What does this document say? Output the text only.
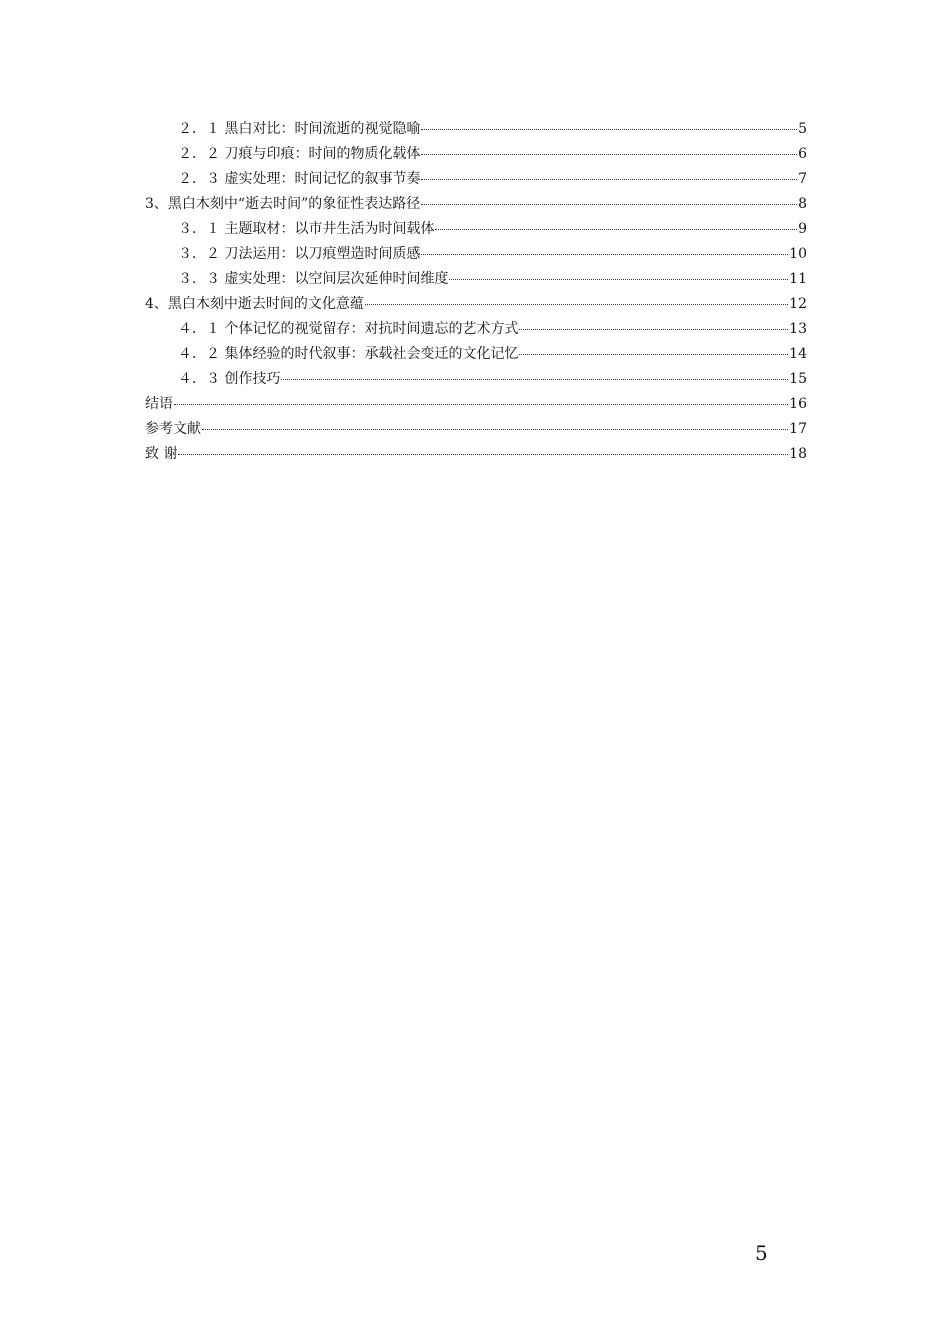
２．１ 黑白对比：时间流逝的视觉隐喻	5
２．２ 刀痕与印痕：时间的物质化载体	6
２．３ 虚实处理：时间记忆的叙事节奏	7
3、黑白木刻中“逝去时间”的象征性表达路径	8
３．１ 主题取材：以市井生活为时间载体	9
３．２ 刀法运用：以刀痕塑造时间质感	10
３．３ 虚实处理：以空间层次延伸时间维度	11
4、黑白木刻中逝去时间的文化意蕴	12
４．１ 个体记忆的视觉留存：对抗时间遗忘的艺术方式	13
４．２ 集体经验的时代叙事：承载社会变迁的文化记忆	14
４．３ 创作技巧	15
结语	16
参考文献	17
致 谢	18
5
